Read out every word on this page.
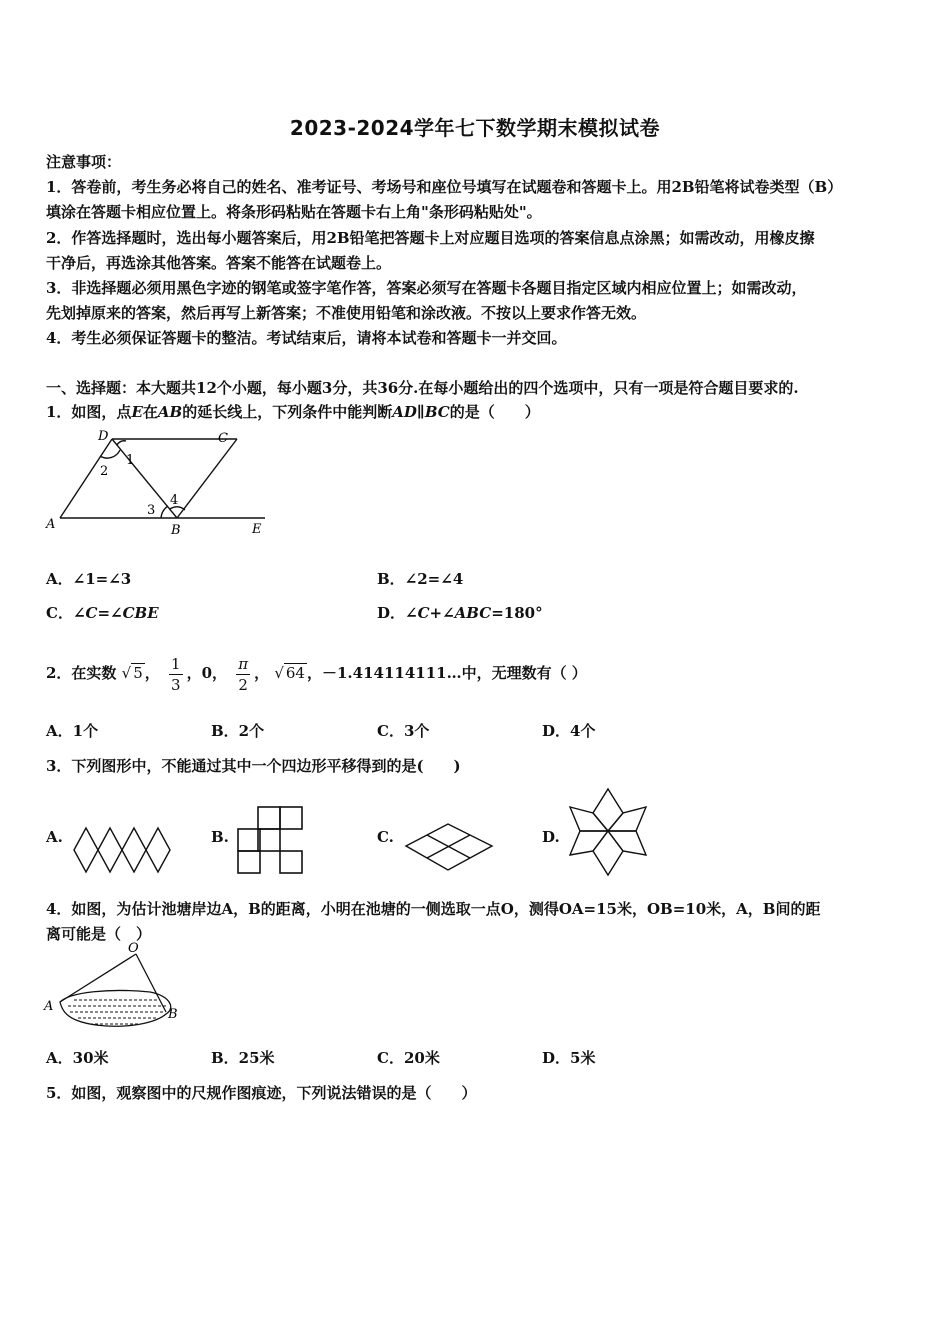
2023-2024学年七下数学期末模拟试卷
注意事项：
1．答卷前，考生务必将自己的姓名、准考证号、考场号和座位号填写在试题卷和答题卡上。用2B铅笔将试卷类型（B）
填涂在答题卡相应位置上。将条形码粘贴在答题卡右上角"条形码粘贴处"。
2．作答选择题时，选出每小题答案后，用2B铅笔把答题卡上对应题目选项的答案信息点涂黑；如需改动，用橡皮擦
干净后，再选涂其他答案。答案不能答在试题卷上。
3．非选择题必须用黑色字迹的钢笔或签字笔作答，答案必须写在答题卡各题目指定区域内相应位置上；如需改动，
先划掉原来的答案，然后再写上新答案；不准使用铅笔和涂改液。不按以上要求作答无效。
4．考生必须保证答题卡的整洁。考试结束后，请将本试卷和答题卡一并交回。
一、选择题：本大题共12个小题，每小题3分，共36分.在每小题给出的四个选项中，只有一项是符合题目要求的.
1．如图，点E在AB的延长线上，下列条件中能判断AD∥BC的是（　　）
D	C
A	B	E
1
2
3
4
A．∠1=∠3	B．∠2=∠4
C．∠C=∠CBE	D．∠C+∠ABC=180°
2．在实数 √ 5 ， $\frac{1}{3}$ ，0， $\frac{\pi}{2}$ ， √ 64 ，－1.414114111…中，无理数有（ ）
A．1个	B．2个	C．3个	D．4个
3．下列图形中，不能通过其中一个四边形平移得到的是(　　)
A.	B.	C.	D.
4．如图，为估计池塘岸边A，B的距离，小明在池塘的一侧选取一点O，测得OA=15米，OB=10米，A，B间的距
离可能是（　）
O
A
B
A．30米	B．25米	C．20米	D．5米
5．如图，观察图中的尺规作图痕迹，下列说法错误的是（　　）
